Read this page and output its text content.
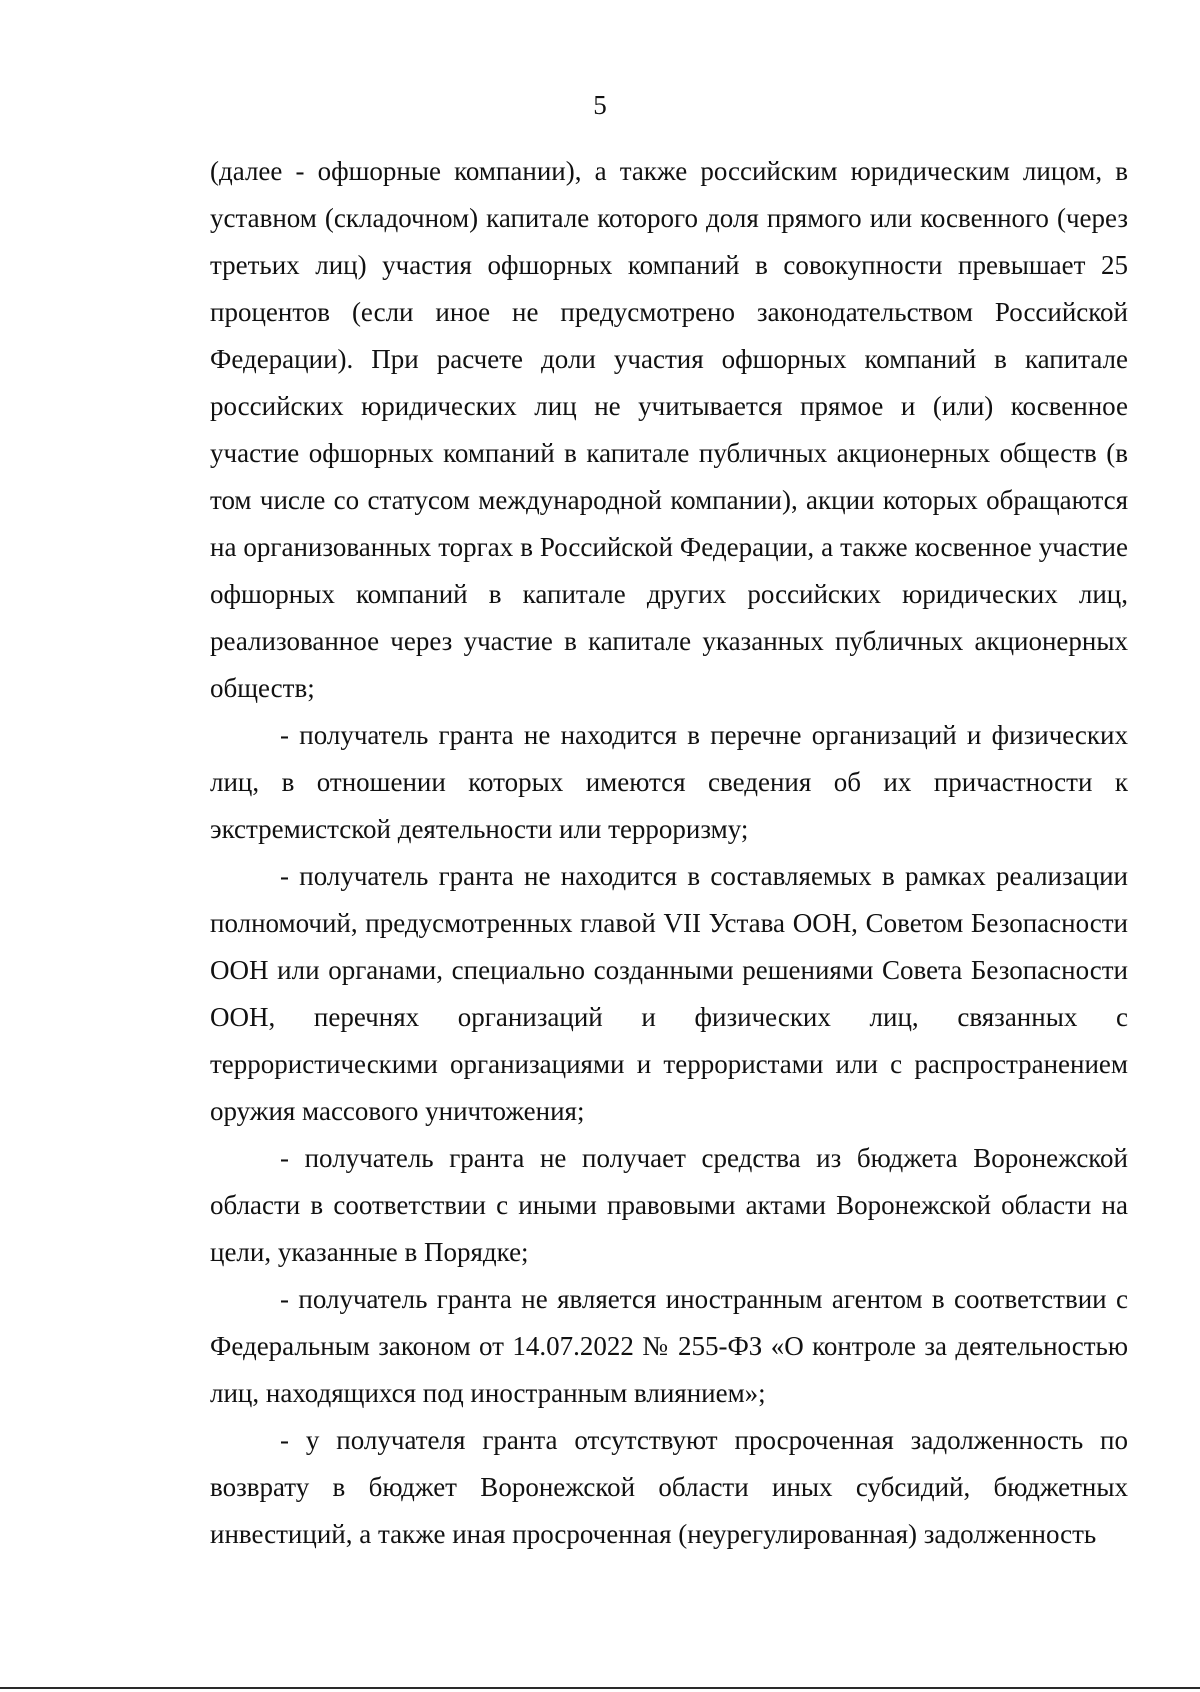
5

(далее - офшорные компании), а также российским юридическим лицом, в уставном (складочном) капитале которого доля прямого или косвенного (через третьих лиц) участия офшорных компаний в совокупности превышает 25 процентов (если иное не предусмотрено законодательством Российской Федерации). При расчете доли участия офшорных компаний в капитале российских юридических лиц не учитывается прямое и (или) косвенное участие офшорных компаний в капитале публичных акционерных обществ (в том числе со статусом международной компании), акции которых обращаются на организованных торгах в Российской Федерации, а также косвенное участие офшорных компаний в капитале других российских юридических лиц, реализованное через участие в капитале указанных публичных акционерных обществ;

- получатель гранта не находится в перечне организаций и физических лиц, в отношении которых имеются сведения об их причастности к экстремистской деятельности или терроризму;

- получатель гранта не находится в составляемых в рамках реализации полномочий, предусмотренных главой VII Устава ООН, Советом Безопасности ООН или органами, специально созданными решениями Совета Безопасности ООН, перечнях организаций и физических лиц, связанных с террористическими организациями и террористами или с распространением оружия массового уничтожения;

- получатель гранта не получает средства из бюджета Воронежской области в соответствии с иными правовыми актами Воронежской области на цели, указанные в Порядке;

- получатель гранта не является иностранным агентом в соответствии с Федеральным законом от 14.07.2022 № 255-ФЗ «О контроле за деятельностью лиц, находящихся под иностранным влиянием»;

- у получателя гранта отсутствуют просроченная задолженность по возврату в бюджет Воронежской области иных субсидий, бюджетных инвестиций, а также иная просроченная (неурегулированная) задолженность
